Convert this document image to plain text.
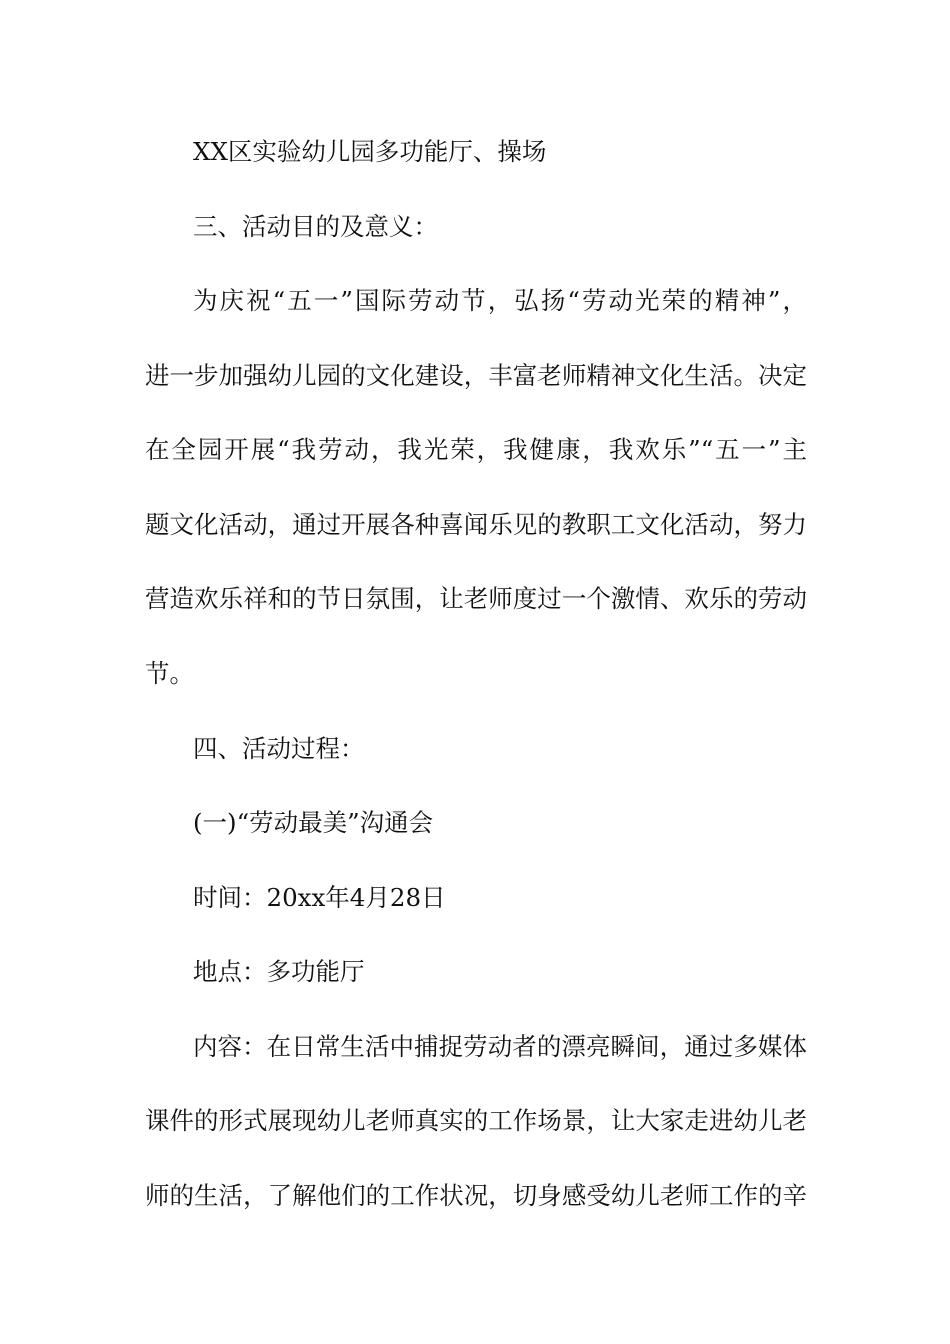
XX区实验幼儿园多功能厅、操场
三、活动目的及意义：
为庆祝“五一”国际劳动节，弘扬“劳动光荣的精神”，
进一步加强幼儿园的文化建设，丰富老师精神文化生活。决定
在全园开展“我劳动，我光荣，我健康，我欢乐”“五一”主
题文化活动，通过开展各种喜闻乐见的教职工文化活动，努力
营造欢乐祥和的节日氛围，让老师度过一个激情、欢乐的劳动
节。
四、活动过程：
(一)“劳动最美”沟通会
时间：20xx年4月28日
地点：多功能厅
内容：在日常生活中捕捉劳动者的漂亮瞬间，通过多媒体
课件的形式展现幼儿老师真实的工作场景，让大家走进幼儿老
师的生活，了解他们的工作状况，切身感受幼儿老师工作的辛
